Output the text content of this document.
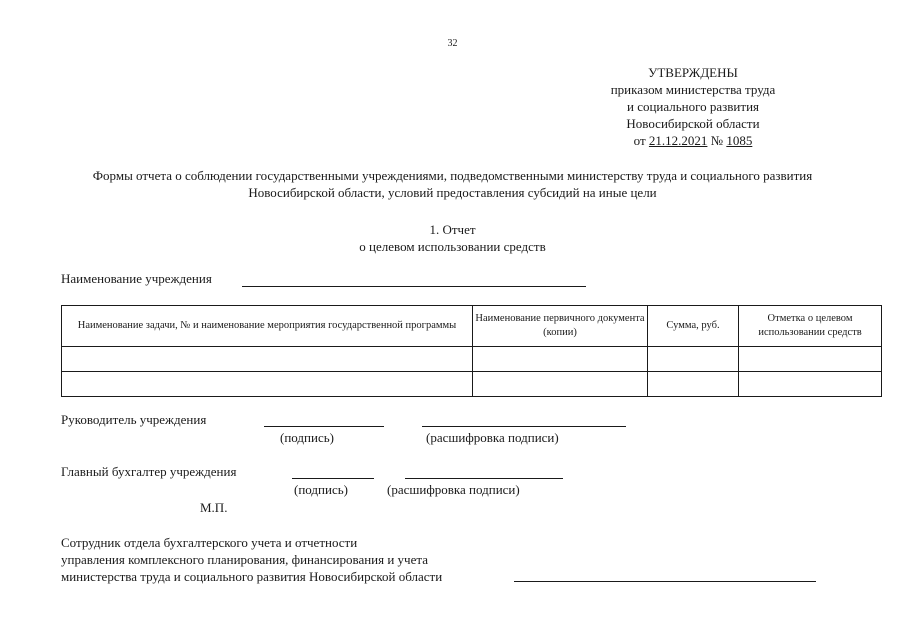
32
УТВЕРЖДЕНЫ
приказом министерства труда
и социального развития
Новосибирской области
от 21.12.2021 № 1085
Формы отчета о соблюдении государственными учреждениями, подведомственными министерству труда и социального развития Новосибирской области, условий предоставления субсидий на иные цели
1. Отчет
о целевом использовании средств
Наименование учреждения
Наименование задачи, № и наименование мероприятия государственной программы	Наименование первичного документа (копии)	Сумма, руб.	Отметка о целевом использовании средств

Руководитель учреждения
(подпись)	(расшифровка подписи)
Главный бухгалтер учреждения
(подпись)	(расшифровка подписи)
М.П.
Сотрудник отдела бухгалтерского учета и отчетности
управления комплексного планирования, финансирования и учета
министерства труда и социального развития Новосибирской области
